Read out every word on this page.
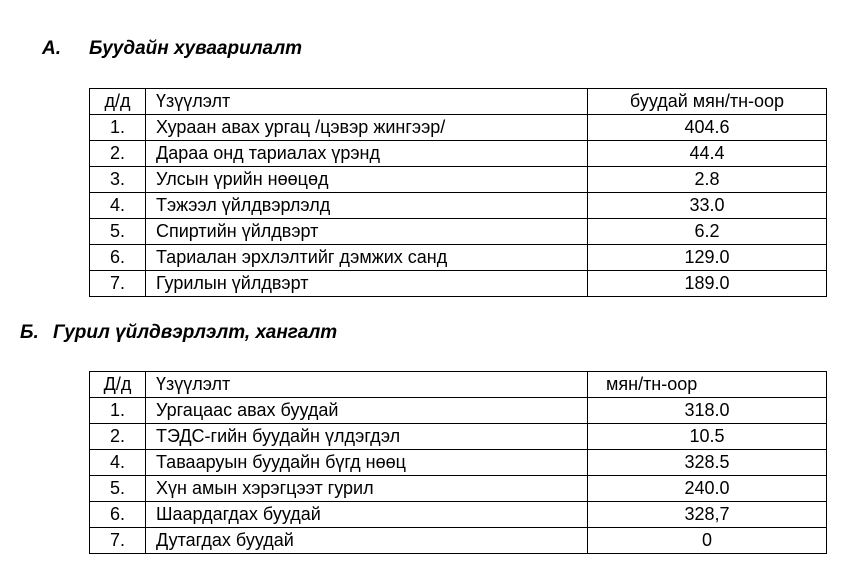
А. Буудайн хуваарилалт
д/д	Үзүүлэлт	буудай мян/тн-оор
1.	Хураан авах ургац /цэвэр жингээр/	404.6
2.	Дараа онд тариалах үрэнд	44.4
3.	Улсын үрийн нөөцөд	2.8
4.	Тэжээл үйлдвэрлэлд	33.0
5.	Спиртийн үйлдвэрт	6.2
6.	Тариалан эрхлэлтийг дэмжих санд	129.0
7.	Гурилын үйлдвэрт	189.0
Б. Гурил үйлдвэрлэлт, хангалт
Д/д	Үзүүлэлт	мян/тн-оор
1.	Ургацаас авах буудай	318.0
2.	ТЭДС-гийн буудайн үлдэгдэл	10.5
4.	Тавааруын буудайн бүгд нөөц	328.5
5.	Хүн амын хэрэгцээт гурил	240.0
6.	Шаардагдах буудай	328,7
7.	Дутагдах буудай	0
